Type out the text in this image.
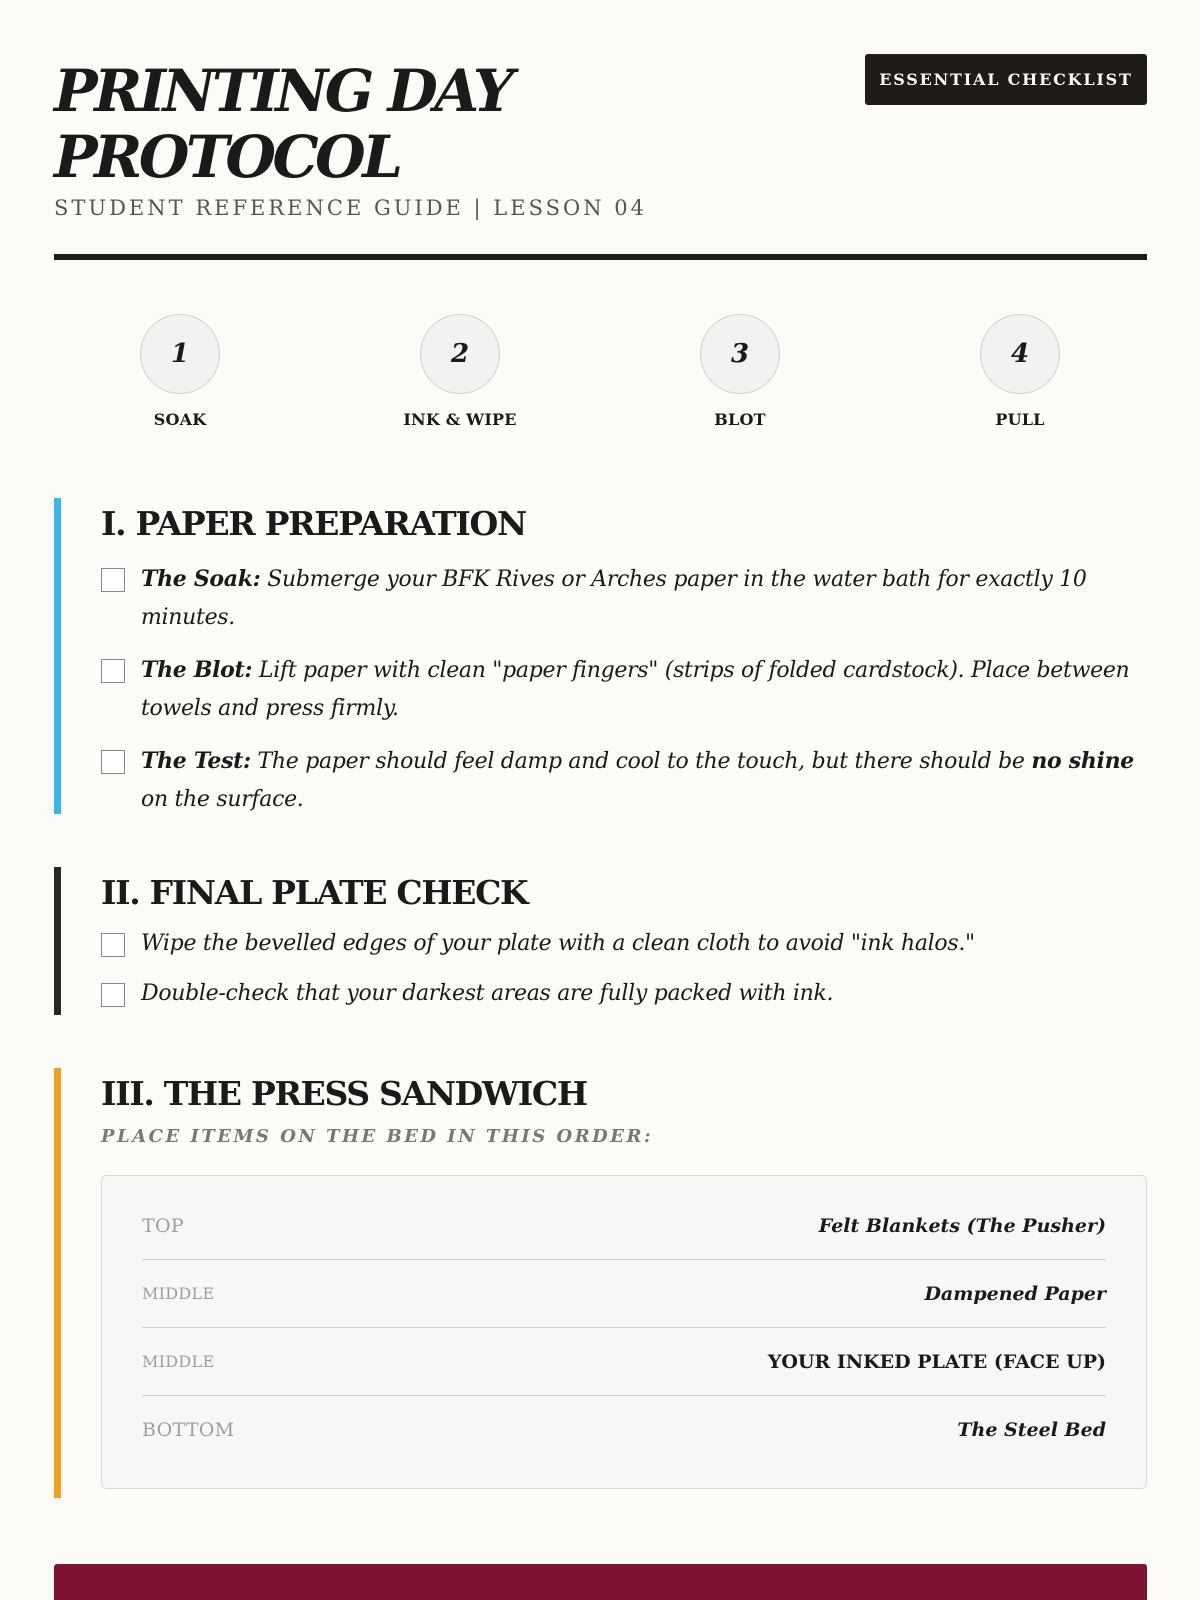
PRINTING DAY PROTOCOL
STUDENT REFERENCE GUIDE | LESSON 04
ESSENTIAL CHECKLIST
1
SOAK
2
INK & WIPE
3
BLOT
4
PULL
I. PAPER PREPARATION
The Soak: Submerge your BFK Rives or Arches paper in the water bath for exactly 10 minutes.
The Blot: Lift paper with clean "paper fingers" (strips of folded cardstock). Place between towels and press firmly.
The Test: The paper should feel damp and cool to the touch, but there should be no shine on the surface.
II. FINAL PLATE CHECK
Wipe the bevelled edges of your plate with a clean cloth to avoid "ink halos."
Double-check that your darkest areas are fully packed with ink.
III. THE PRESS SANDWICH
PLACE ITEMS ON THE BED IN THIS ORDER:
TOP	Felt Blankets (The Pusher)
MIDDLE	Dampened Paper
MIDDLE	YOUR INKED PLATE (FACE UP)
BOTTOM	The Steel Bed
